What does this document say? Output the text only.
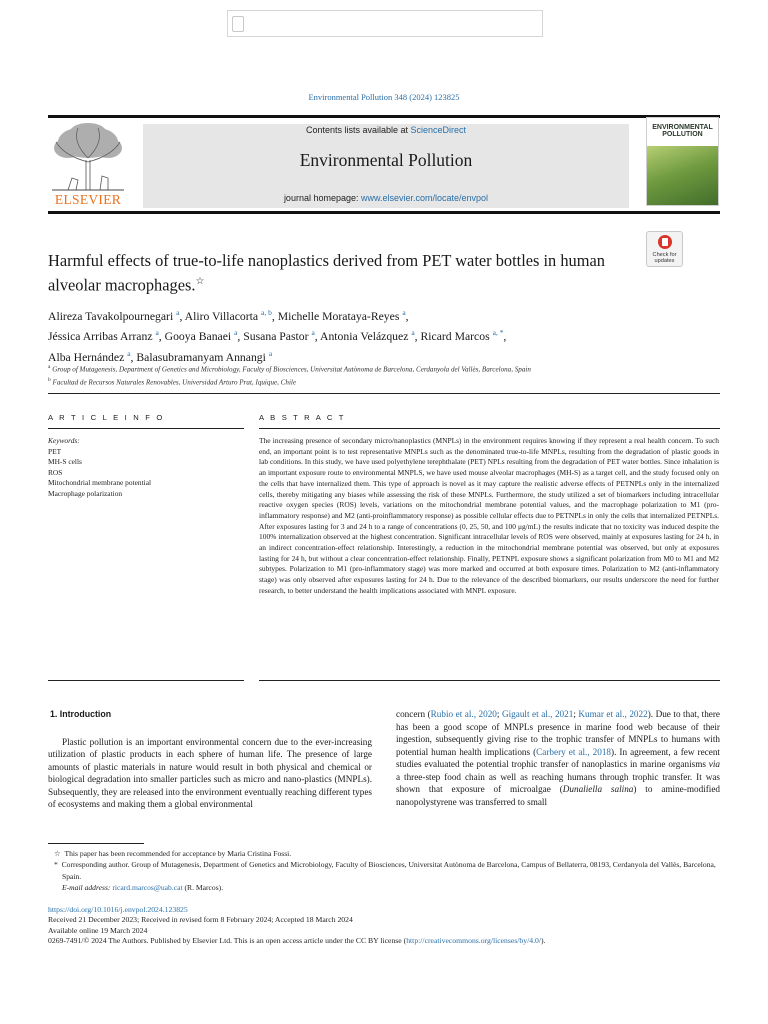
Environmental Pollution 348 (2024) 123825
ELSEVIER
Contents lists available at ScienceDirect
Environmental Pollution
journal homepage: www.elsevier.com/locate/envpol
ENVIRONMENTAL
POLLUTION
Harmful effects of true-to-life nanoplastics derived from PET water bottles in human alveolar macrophages.☆
Check for
updates
Alireza Tavakolpournegari $^a$, Aliro Villacorta $^{a, b}$, Michelle Morataya-Reyes $^a$,
Jéssica Arribas Arranz $^a$, Gooya Banaei $^a$, Susana Pastor $^a$, Antonia Velázquez $^a$, Ricard Marcos $^{a, *}$,
Alba Hernández $^a$, Balasubramanyam Annangi $^a$
$^a$ Group of Mutagenesis, Department of Genetics and Microbiology, Faculty of Biosciences, Universitat Autònoma de Barcelona, Cerdanyola del Vallès, Barcelona, Spain
$^b$ Facultad de Recursos Naturales Renovables, Universidad Arturo Prat, Iquique, Chile
A R T I C L E I N F O	A B S T R A C T
Keywords:
PET
MH-S cells
ROS
Mitochondrial membrane potential
Macrophage polarization
The increasing presence of secondary micro/nanoplastics (MNPLs) in the environment requires knowing if they represent a real health concern. To such end, an important point is to test representative MNPLs such as the denominated true-to-life MNPLs, resulting from the degradation of plastic goods in lab conditions. In this study, we have used polyethylene terephthalate (PET) NPLs resulting from the degradation of PET water bottles. Since inhalation is an important exposure route to environmental MNPLS, we have used mouse alveolar macrophages (MH-S) as a target cell, and the study focused only on the cells that have internalized them. This type of approach is novel as it may capture the realistic adverse effects of PETNPLs only in the internalized cells, thereby mitigating any biases while assessing the risk of these MNPLs. Furthermore, the study utilized a set of biomarkers including intracellular reactive oxygen species (ROS) levels, variations on the mitochondrial membrane potential values, and the macrophage polarization to M1 (pro-inflammatory response) and M2 (anti-proinflammatory response) as possible cellular effects due to PETNPLs in only the cells that internalized PETNPLs. After exposures lasting for 3 and 24 h to a range of concentrations (0, 25, 50, and 100 μg/mL) the results indicate that no toxicity was induced despite the 100% internalization observed at the highest concentration. Significant intracellular levels of ROS were observed, mainly at exposures lasting for 24 h, in an indirect concentration-effect relationship. Interestingly, a reduction in the mitochondrial membrane potential was observed, but only at exposures lasting for 24 h, but without a clear concentration-effect relationship. Finally, PETNPL exposure shows a significant polarization from M0 to M1 and M2 subtypes. Polarization to M1 (pro-inflammatory stage) was more marked and occurred at both exposure times. Polarization to M2 (anti-inflammatory stage) was only observed after exposures lasting for 24 h. Due to the relevance of the described biomarkers, our results underscore the need for further research, to better understand the health implications associated with MNPL exposure.
1. Introduction

Plastic pollution is an important environmental concern due to the ever-increasing utilization of plastic products in each sphere of human life. The presence of large amounts of plastic materials in nature would result in both physical and chemical or biological degradation into smaller particles such as micro and nano-plastics (MNPLs). Subsequently, they are released into the environment eventually reaching different types of ecosystems and making them a global environmental

concern (Rubio et al., 2020; Gigault et al., 2021; Kumar et al., 2022). Due to that, there has been a good scope of MNPLs presence in marine food web because of their ingestion, subsequently giving rise to the trophic transfer of MNPLs to humans with potential human health implications (Carbery et al., 2018). In agreement, a few recent studies evaluated the potential trophic transfer of nanoplastics in marine organisms via a three-step food chain as well as reaching humans through trophic transfer. It was shown that exposure of microalgae (Dunaliella salina) to amine-modified nanopolystyrene was transferred to small

☆ This paper has been recommended for acceptance by Maria Cristina Fossi.
* Corresponding author. Group of Mutagenesis, Department of Genetics and Microbiology, Faculty of Biosciences, Universitat Autònoma de Barcelona, Campus of Bellaterra, 08193, Cerdanyola del Vallès, Barcelona, Spain.
E-mail address: ricard.marcos@uab.cat (R. Marcos).
https://doi.org/10.1016/j.envpol.2024.123825
Received 21 December 2023; Received in revised form 8 February 2024; Accepted 18 March 2024
Available online 19 March 2024
0269-7491/© 2024 The Authors. Published by Elsevier Ltd. This is an open access article under the CC BY license (http://creativecommons.org/licenses/by/4.0/).
